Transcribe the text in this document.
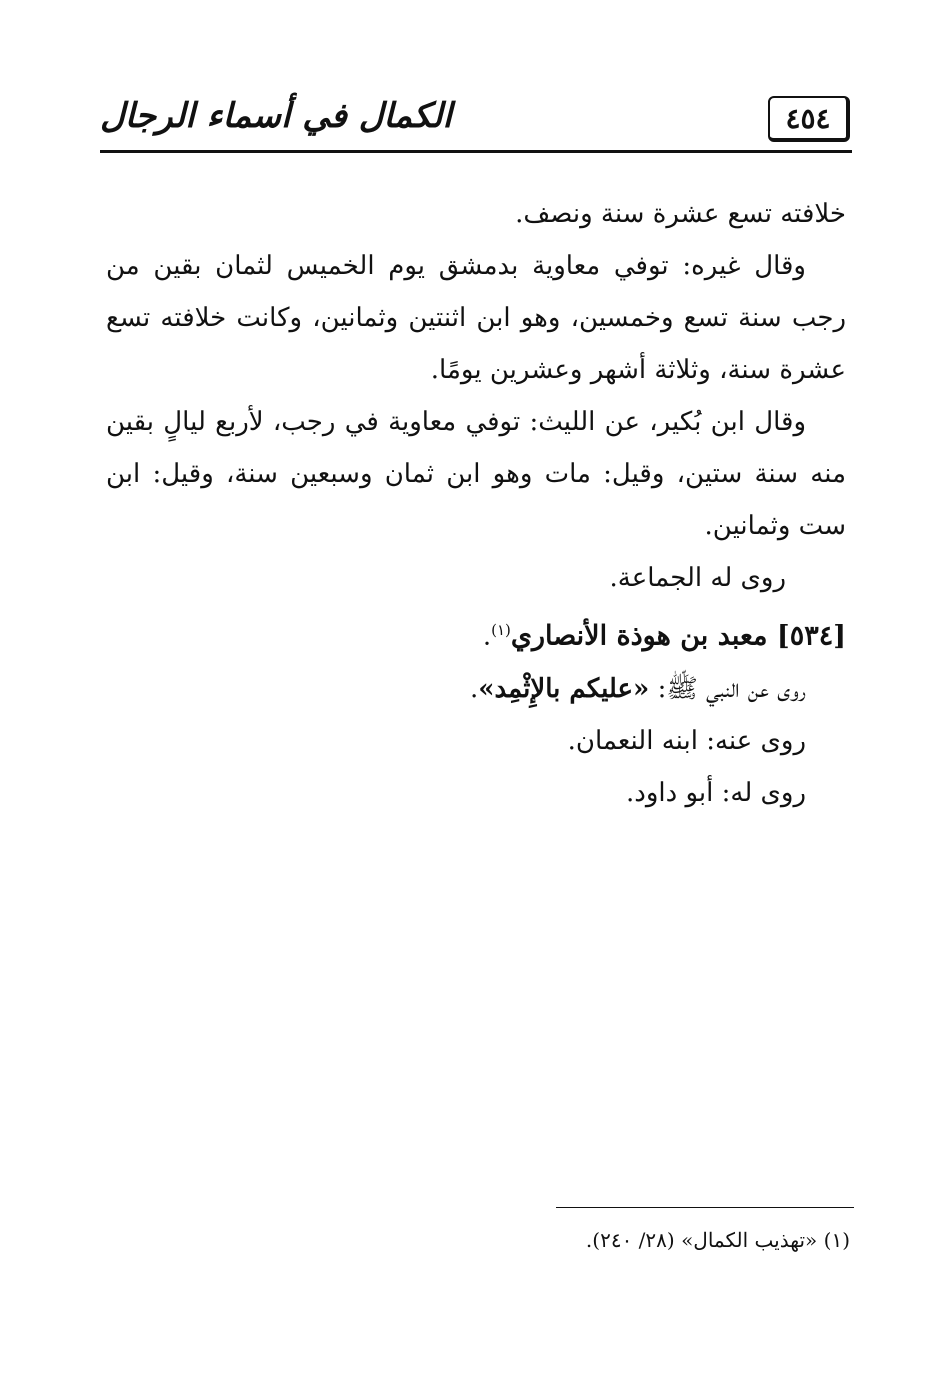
الكمال في أسماء الرجال	٤٥٤

خلافته تسع عشرة سنة ونصف.

وقال غيره: توفي معاوية بدمشق يوم الخميس لثمان بقين من رجب سنة تسع وخمسين، وهو ابن اثنتين وثمانين، وكانت خلافته تسع عشرة سنة، وثلاثة أشهر وعشرين يومًا.

وقال ابن بُكير، عن الليث: توفي معاوية في رجب، لأربع ليالٍ بقين منه سنة ستين، وقيل: مات وهو ابن ثمان وسبعين سنة، وقيل: ابن ست وثمانين.

روى له الجماعة.

[٥٣٤] معبد بن هوذة الأنصاري$^{(١)}$.

روى عن النبي ﷺ: «عليكم بالإِثْمِد».

روى عنه: ابنه النعمان.

روى له: أبو داود.

(١) «تهذيب الكمال» (٢٨/ ٢٤٠).
